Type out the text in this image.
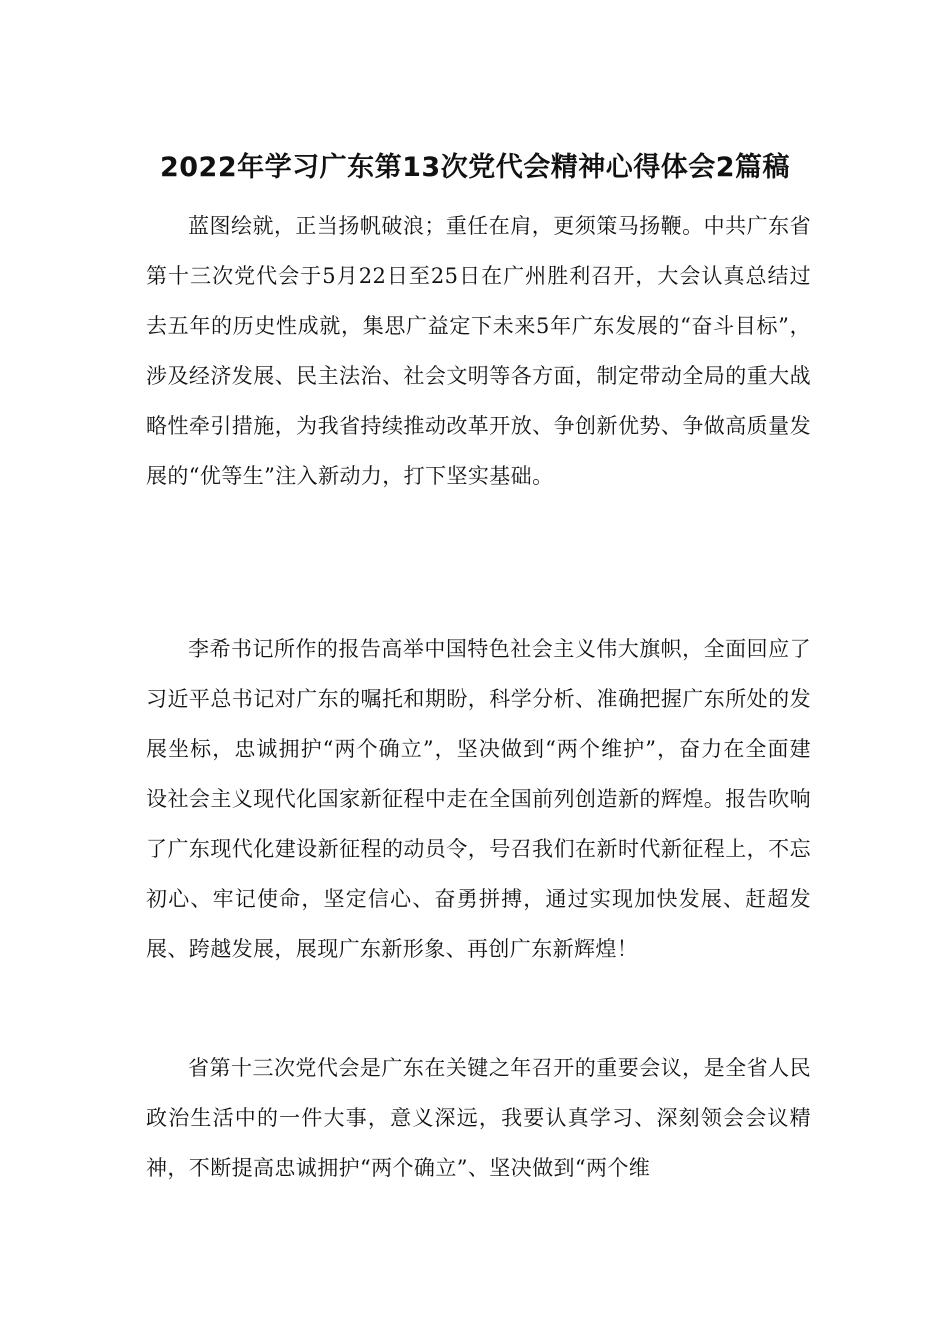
2022年学习广东第13次党代会精神心得体会2篇稿

蓝图绘就，正当扬帆破浪；重任在肩，更须策马扬鞭。中共广东省第十三次党代会于5月22日至25日在广州胜利召开，大会认真总结过去五年的历史性成就，集思广益定下未来5年广东发展的“奋斗目标”，涉及经济发展、民主法治、社会文明等各方面，制定带动全局的重大战略性牵引措施，为我省持续推动改革开放、争创新优势、争做高质量发展的“优等生”注入新动力，打下坚实基础。

李希书记所作的报告高举中国特色社会主义伟大旗帜，全面回应了习近平总书记对广东的嘱托和期盼，科学分析、准确把握广东所处的发展坐标，忠诚拥护“两个确立”，坚决做到“两个维护”，奋力在全面建设社会主义现代化国家新征程中走在全国前列创造新的辉煌。报告吹响了广东现代化建设新征程的动员令，号召我们在新时代新征程上，不忘初心、牢记使命，坚定信心、奋勇拼搏，通过实现加快发展、赶超发展、跨越发展，展现广东新形象、再创广东新辉煌！

省第十三次党代会是广东在关键之年召开的重要会议，是全省人民政治生活中的一件大事，意义深远，我要认真学习、深刻领会会议精神，不断提高忠诚拥护“两个确立”、坚决做到“两个维
